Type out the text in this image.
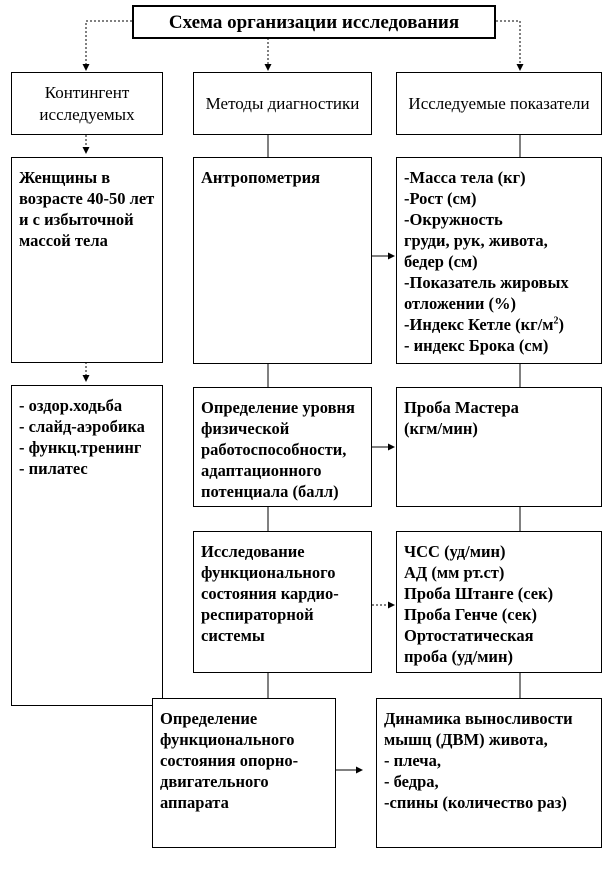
Схема организации исследования
Контингент исследуемых
Методы диагностики	Исследуемые показатели
Женщины в возрасте 40-50 лет и с избыточной массой тела
- оздор.ходьба
- слайд-аэробика
- функц.тренинг
- пилатес
Антропометрия
Определение уровня физической работоспособности, адаптационного потенциала (балл)
Исследование функционального состояния кардио-респираторной системы
Определение функционального состояния опорно-двигательного аппарата
-Масса тела (кг)
-Рост (см)
-Окружность
груди, рук, живота,
бедер (см)
-Показатель жировых
отложении (%)
-Индекс Кетле $(кг/м^2)$
- индекс Брока (см)
Проба Мастера (кгм/мин)
ЧСС (уд/мин)
АД (мм рт.ст)
Проба Штанге (сек)
Проба Генче (сек)
Ортостатическая
проба (уд/мин)
Динамика выносливости
мышц (ДВМ) живота,
- плеча,
- бедра,
-спины (количество раз)
